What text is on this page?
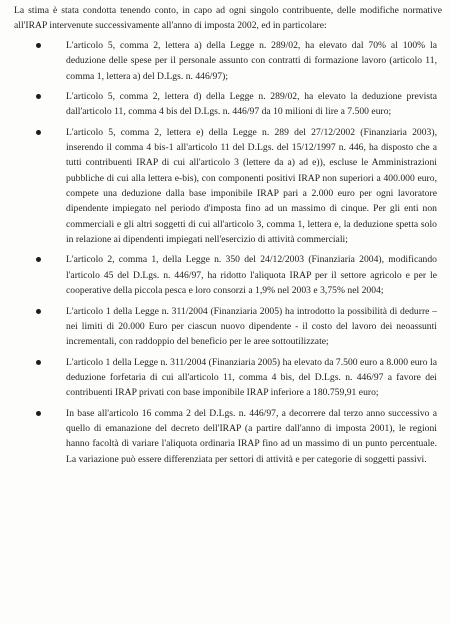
La stima è stata condotta tenendo conto, in capo ad ogni singolo contribuente, delle modifiche normative all'IRAP intervenute successivamente all'anno di imposta 2002, ed in particolare:

L'articolo 5, comma 2, lettera a) della Legge n. 289/02, ha elevato dal 70% al 100% la deduzione delle spese per il personale assunto con contratti di formazione lavoro (articolo 11, comma 1, lettera a) del D.Lgs. n. 446/97);
L'articolo 5, comma 2, lettera d) della Legge n. 289/02, ha elevato la deduzione prevista dall'articolo 11, comma 4 bis del D.Lgs. n. 446/97 da 10 milioni di lire a 7.500 euro;
L'articolo 5, comma 2, lettera e) della Legge n. 289 del 27/12/2002 (Finanziaria 2003), inserendo il comma 4 bis-1 all'articolo 11 del D.Lgs. del 15/12/1997 n. 446, ha disposto che a tutti contribuenti IRAP di cui all'articolo 3 (lettere da a) ad e)), escluse le Amministrazioni pubbliche di cui alla lettera e-bis), con componenti positivi IRAP non superiori a 400.000 euro, compete una deduzione dalla base imponibile IRAP pari a 2.000 euro per ogni lavoratore dipendente impiegato nel periodo d'imposta fino ad un massimo di cinque. Per gli enti non commerciali e gli altri soggetti di cui all'articolo 3, comma 1, lettera e, la deduzione spetta solo in relazione ai dipendenti impiegati nell'esercizio di attività commerciali;
L'articolo 2, comma 1, della Legge n. 350 del 24/12/2003 (Finanziaria 2004), modificando l'articolo 45 del D.Lgs. n. 446/97, ha ridotto l'aliquota IRAP per il settore agricolo e per le cooperative della piccola pesca e loro consorzi a 1,9% nel 2003 e 3,75% nel 2004;
L'articolo 1 della Legge n. 311/2004 (Finanziaria 2005) ha introdotto la possibilità di dedurre – nei limiti di 20.000 Euro per ciascun nuovo dipendente - il costo del lavoro dei neoassunti incrementali, con raddoppio del beneficio per le aree sottoutilizzate;
L'articolo 1 della Legge n. 311/2004 (Finanziaria 2005) ha elevato da 7.500 euro a 8.000 euro la deduzione forfetaria di cui all'articolo 11, comma 4 bis, del D.Lgs. n. 446/97 a favore dei contribuenti IRAP privati con base imponibile IRAP inferiore a 180.759,91 euro;
In base all'articolo 16 comma 2 del D.Lgs. n. 446/97, a decorrere dal terzo anno successivo a quello di emanazione del decreto dell'IRAP (a partire dall'anno di imposta 2001), le regioni hanno facoltà di variare l'aliquota ordinaria IRAP fino ad un massimo di un punto percentuale. La variazione può essere differenziata per settori di attività e per categorie di soggetti passivi.
